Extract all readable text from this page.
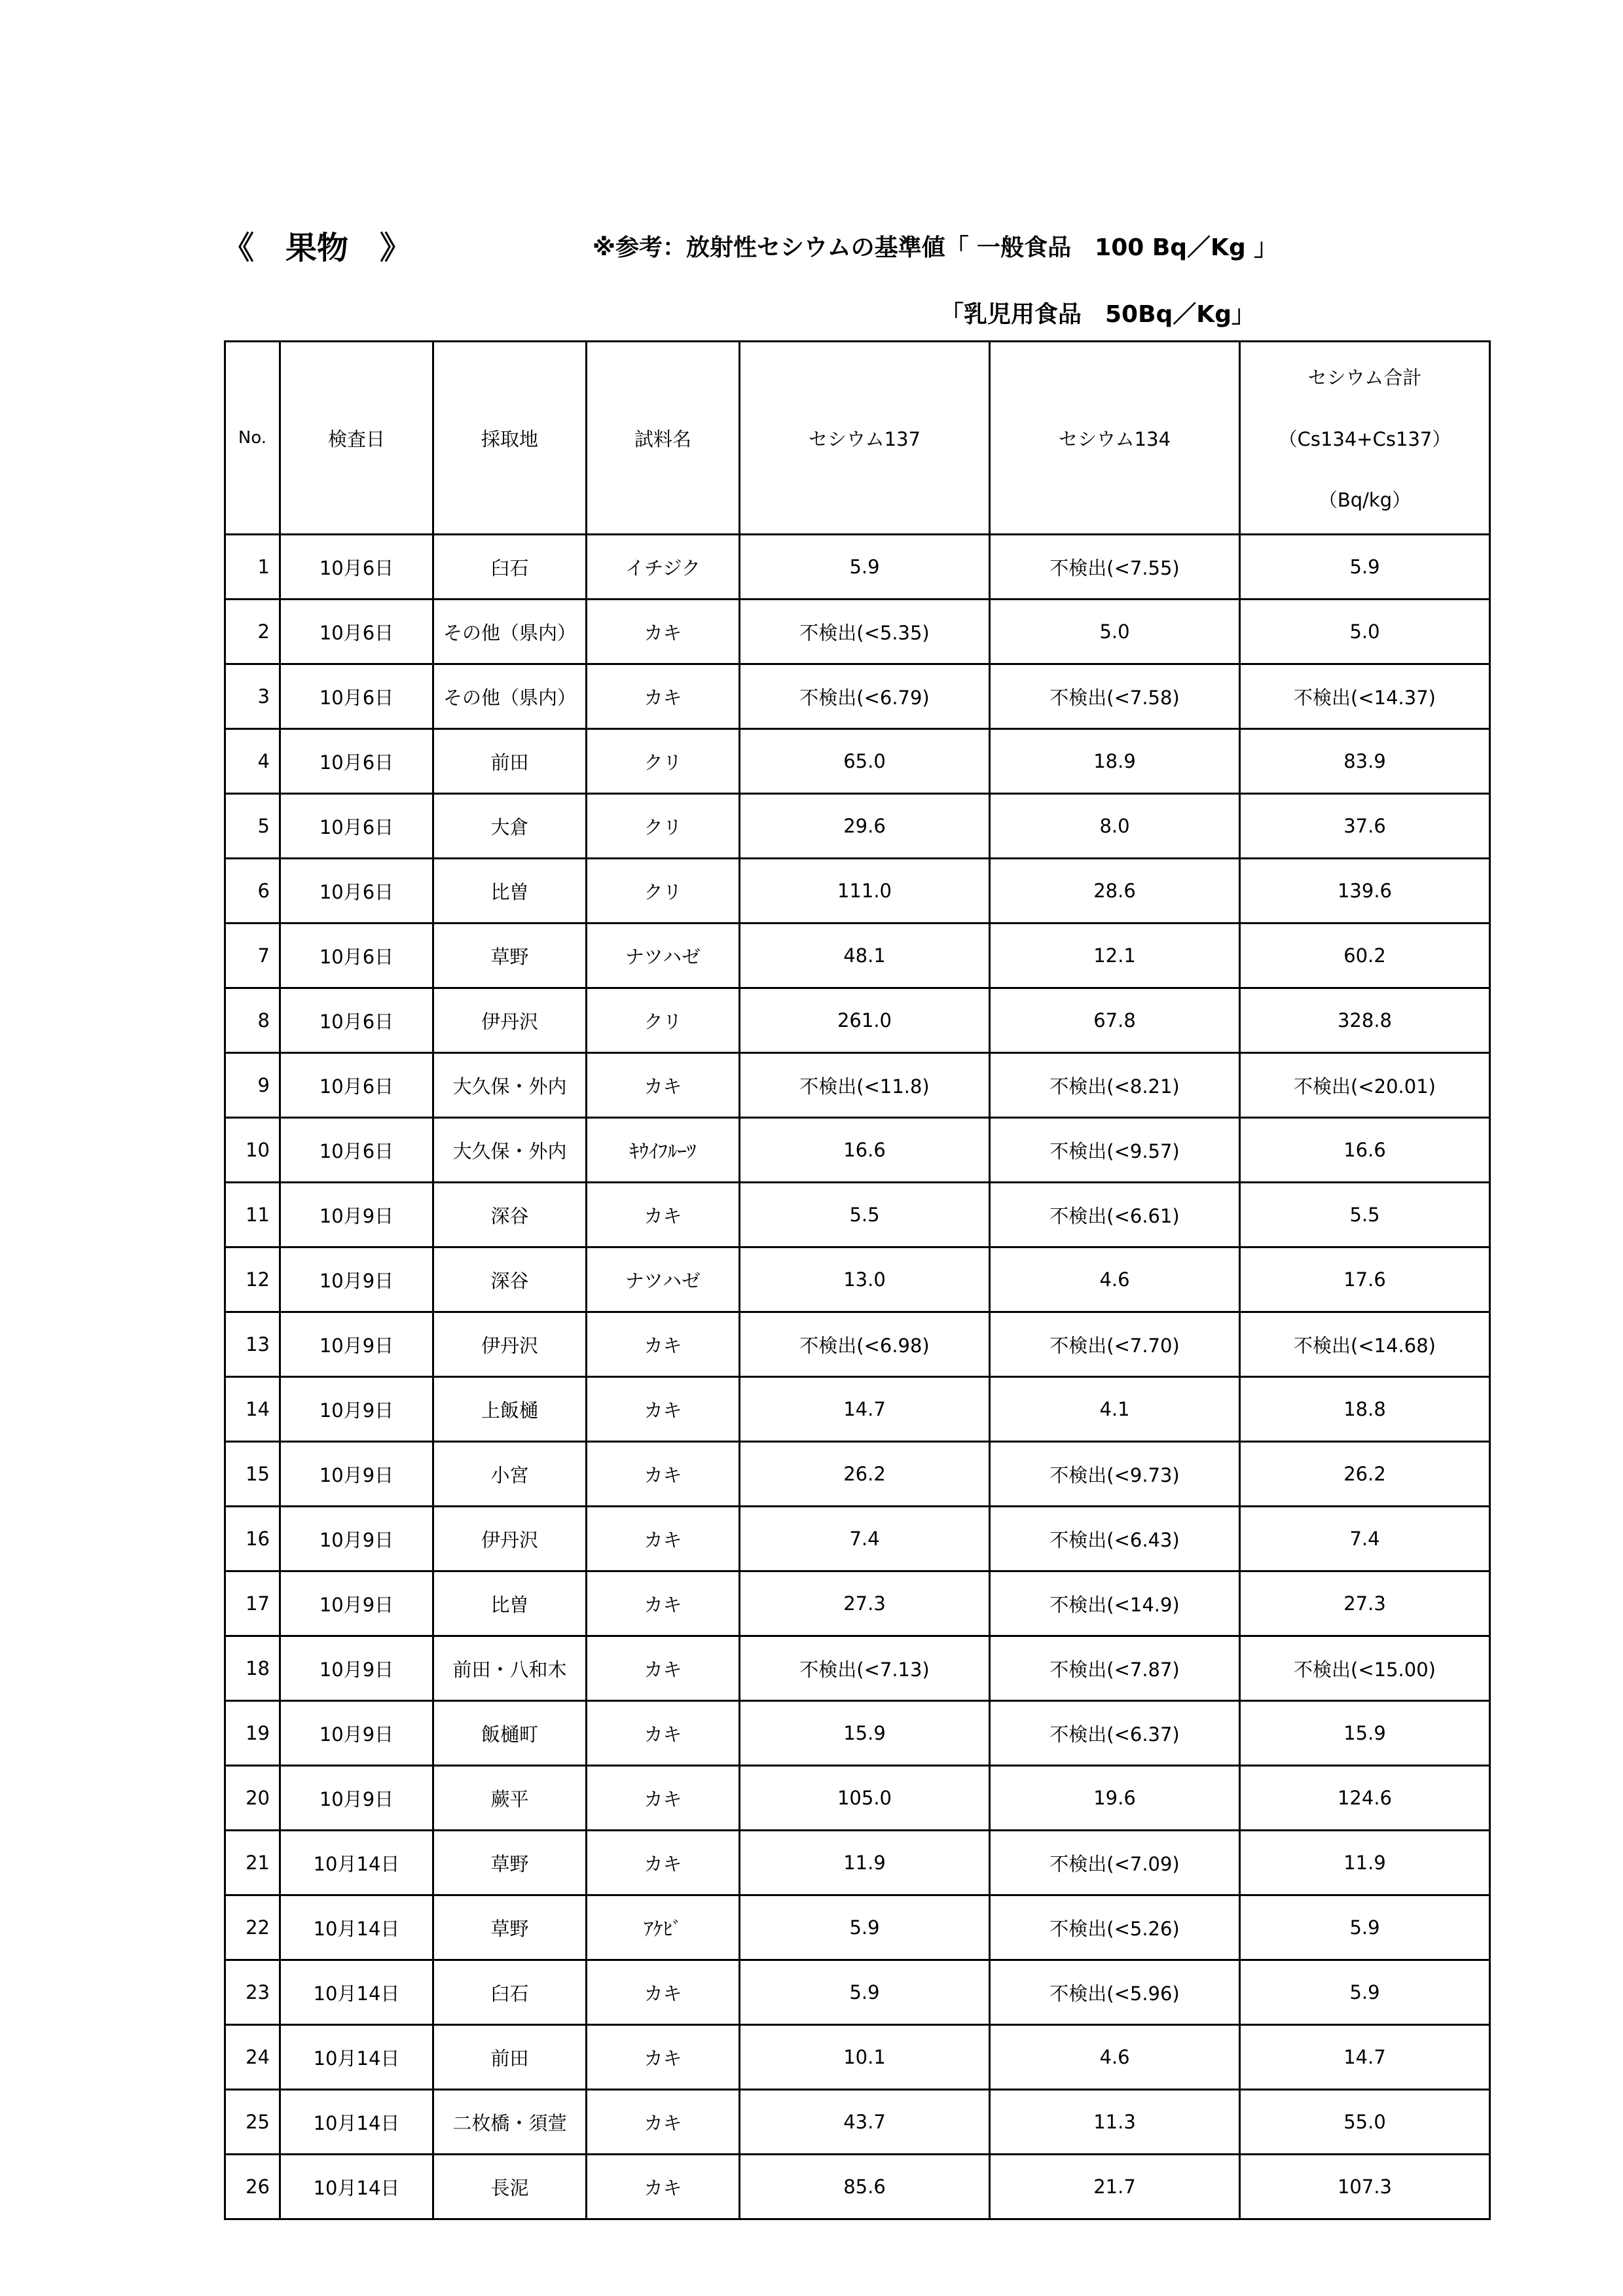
《　果物　》	※参考：放射性セシウムの基準値「 一般食品　100 Bq／Kg 」
「乳児用食品　50Bq／Kg」
No.	検査日	採取地	試料名	セシウム137	セシウム134	セシウム合計
（Cs134+Cs137）
（Bq/kg）

1	10月6日	臼石	イチジク	5.9	不検出(<7.55)	5.9
2	10月6日	その他（県内）	カキ	不検出(<5.35)	5.0	5.0
3	10月6日	その他（県内）	カキ	不検出(<6.79)	不検出(<7.58)	不検出(<14.37)
4	10月6日	前田	クリ	65.0	18.9	83.9
5	10月6日	大倉	クリ	29.6	8.0	37.6
6	10月6日	比曽	クリ	111.0	28.6	139.6
7	10月6日	草野	ナツハゼ	48.1	12.1	60.2
8	10月6日	伊丹沢	クリ	261.0	67.8	328.8
9	10月6日	大久保・外内	カキ	不検出(<11.8)	不検出(<8.21)	不検出(<20.01)
10	10月6日	大久保・外内	ｷｳｲﾌﾙｰﾂ	16.6	不検出(<9.57)	16.6
11	10月9日	深谷	カキ	5.5	不検出(<6.61)	5.5
12	10月9日	深谷	ナツハゼ	13.0	4.6	17.6
13	10月9日	伊丹沢	カキ	不検出(<6.98)	不検出(<7.70)	不検出(<14.68)
14	10月9日	上飯樋	カキ	14.7	4.1	18.8
15	10月9日	小宮	カキ	26.2	不検出(<9.73)	26.2
16	10月9日	伊丹沢	カキ	7.4	不検出(<6.43)	7.4
17	10月9日	比曽	カキ	27.3	不検出(<14.9)	27.3
18	10月9日	前田・八和木	カキ	不検出(<7.13)	不検出(<7.87)	不検出(<15.00)
19	10月9日	飯樋町	カキ	15.9	不検出(<6.37)	15.9
20	10月9日	蕨平	カキ	105.0	19.6	124.6
21	10月14日	草野	カキ	11.9	不検出(<7.09)	11.9
22	10月14日	草野	ｱｹﾋﾞ	5.9	不検出(<5.26)	5.9
23	10月14日	臼石	カキ	5.9	不検出(<5.96)	5.9
24	10月14日	前田	カキ	10.1	4.6	14.7
25	10月14日	二枚橋・須萱	カキ	43.7	11.3	55.0
26	10月14日	長泥	カキ	85.6	21.7	107.3
